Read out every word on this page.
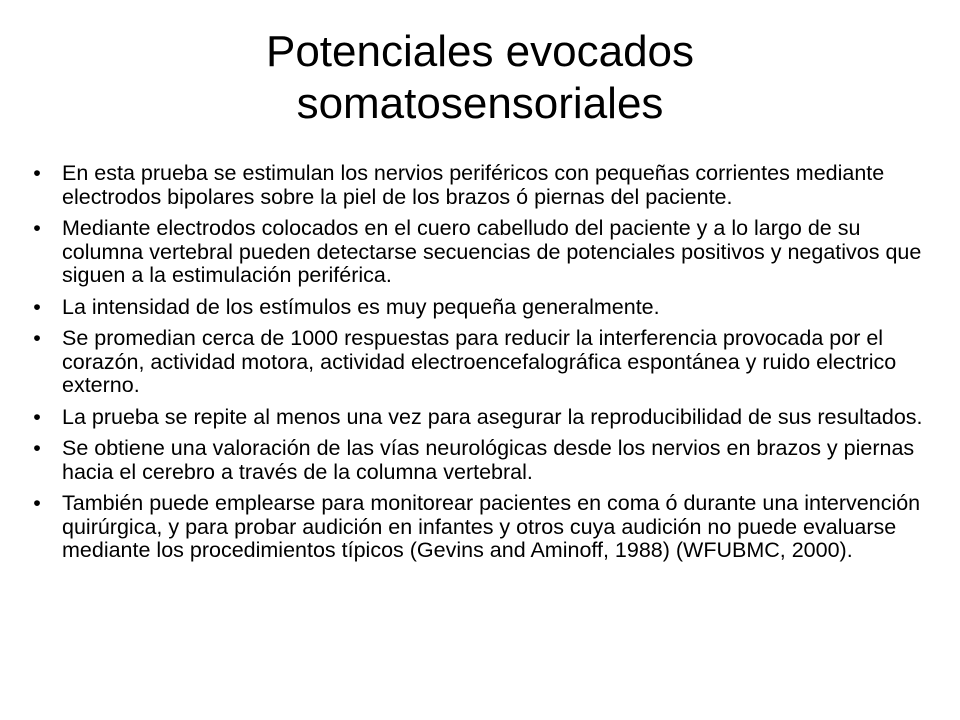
Potenciales evocados
somatosensoriales
• En esta prueba se estimulan los nervios periféricos con pequeñas corrientes mediante electrodos bipolares sobre la piel de los brazos ó piernas del paciente.
• Mediante electrodos colocados en el cuero cabelludo del paciente y a lo largo de su columna vertebral pueden detectarse secuencias de potenciales positivos y negativos que siguen a la estimulación periférica.
• La intensidad de los estímulos es muy pequeña generalmente.
• Se promedian cerca de 1000 respuestas para reducir la interferencia provocada por el corazón, actividad motora, actividad electroencefalográfica espontánea y ruido electrico externo.
• La prueba se repite al menos una vez para asegurar la reproducibilidad de sus resultados.
• Se obtiene una valoración de las vías neurológicas desde los nervios en brazos y piernas hacia el cerebro a través de la columna vertebral.
• También puede emplearse para monitorear pacientes en coma ó durante una intervención quirúrgica, y para probar audición en infantes y otros cuya audición no puede evaluarse mediante los procedimientos típicos (Gevins and Aminoff, 1988) (WFUBMC, 2000).
